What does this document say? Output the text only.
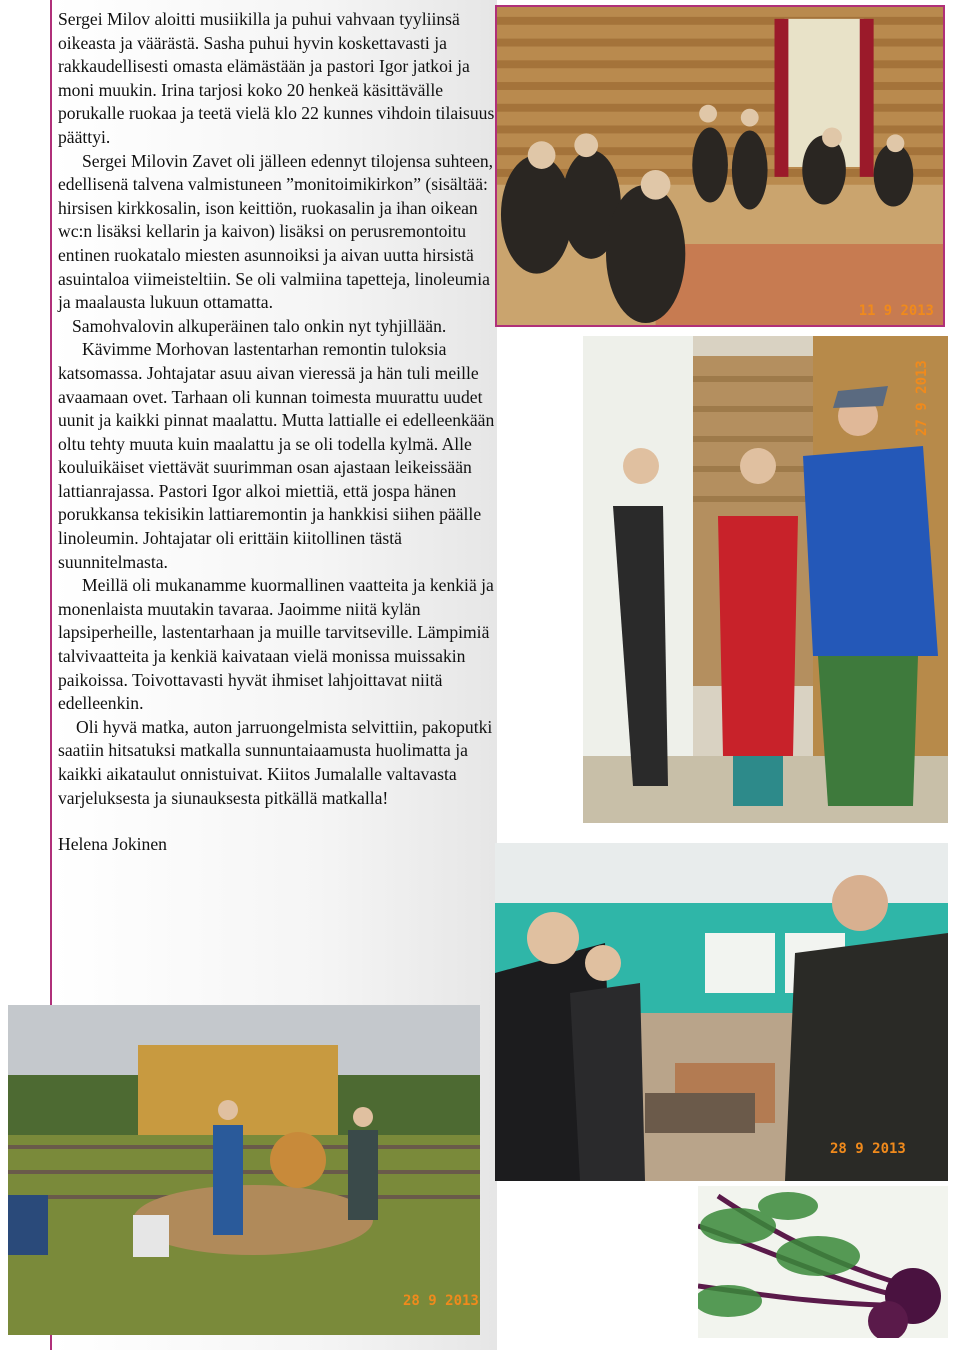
Sergei Milov aloitti musiikilla ja puhui vahvaan tyyliinsä oikeasta ja väärästä. Sasha puhui hyvin koskettavasti ja rakkaudellisesti omasta elämästään ja pastori Igor jatkoi ja moni muukin. Irina tarjosi koko 20 henkeä käsittävälle porukalle ruokaa ja teetä vielä klo 22 kunnes vihdoin tilaisuus päättyi.

Sergei Milovin Zavet oli jälleen edennyt tilojensa suhteen, edellisenä talvena valmistuneen ”monitoimikirkon” (sisältää: hirsisen kirkkosalin, ison keittiön, ruokasalin ja ihan oikean wc:n lisäksi kellarin ja kaivon) lisäksi on perusremontoitu entinen ruokatalo miesten asunnoiksi ja aivan uutta hirsistä asuintaloa viimeisteltiin. Se oli valmiina tapetteja, linoleumia ja maalausta lukuun ottamatta.

Samohvalovin alkuperäinen talo onkin nyt tyhjillään.

Kävimme Morhovan lastentarhan remontin tuloksia katsomassa. Johtajatar asuu aivan vieressä ja hän tuli meille avaamaan ovet. Tarhaan oli kunnan toimesta muurattu uudet uunit ja kaikki pinnat maalattu. Mutta lattialle ei edelleenkään oltu tehty muuta kuin maalattu ja se oli todella kylmä. Alle kouluikäiset viettävät suurimman osan ajastaan leikeissään lattianrajassa. Pastori Igor alkoi miettiä, että jospa hänen porukkansa tekisikin lattiaremontin ja hankkisi siihen päälle linoleumin. Johtajatar oli erittäin kiitollinen tästä suunnitelmasta.

Meillä oli mukanamme kuormallinen vaatteita ja kenkiä ja monenlaista muutakin tavaraa. Jaoimme niitä kylän lapsiperheille, lastentarhaan ja muille tarvitseville. Lämpimiä talvivaatteita ja kenkiä kaivataan vielä monissa muissakin paikoissa. Toivottavasti hyvät ihmiset lahjoittavat niitä edelleenkin.

Oli hyvä matka, auton jarruongelmista selvittiin, pakoputki saatiin hitsatuksi matkalla sunnuntaiaamusta huolimatta ja kaikki aikataulut onnistuivat. Kiitos Jumalalle valtavasta varjeluksesta ja siunauksesta pitkällä matkalla!

Helena Jokinen

11 9 2013
27 9 2013
28 9 2013
28 9 2013
